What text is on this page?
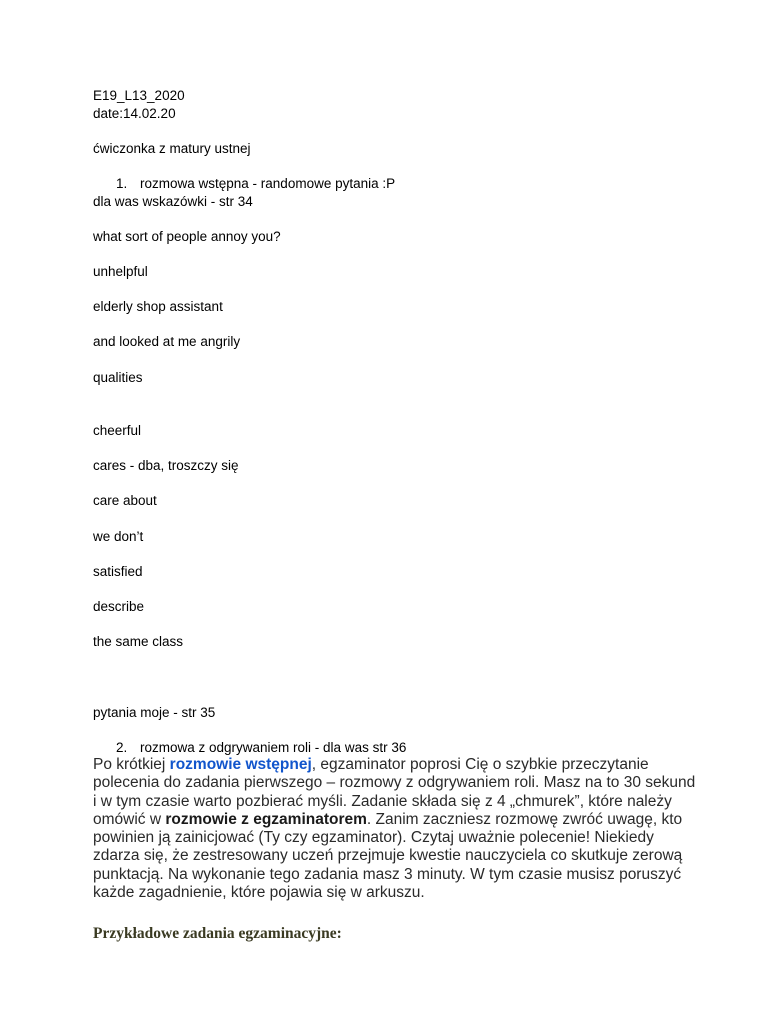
E19_L13_2020
date:14.02.20
ćwiczonka z matury ustnej
1. rozmowa wstępna - randomowe pytania :P
dla was wskazówki - str 34
what sort of people annoy you?
unhelpful
elderly shop assistant
and looked at me angrily
qualities
cheerful
cares - dba, troszczy się
care about
we don’t
satisfied
describe
the same class
pytania moje - str 35
2. rozmowa z odgrywaniem roli - dla was str 36
Po krótkiej rozmowie wstępnej, egzaminator poprosi Cię o szybkie przeczytanie
polecenia do zadania pierwszego – rozmowy z odgrywaniem roli. Masz na to 30 sekund
i w tym czasie warto pozbierać myśli. Zadanie składa się z 4 „chmurek”, które należy
omówić w rozmowie z egzaminatorem. Zanim zaczniesz rozmowę zwróć uwagę, kto
powinien ją zainicjować (Ty czy egzaminator). Czytaj uważnie polecenie! Niekiedy
zdarza się, że zestresowany uczeń przejmuje kwestie nauczyciela co skutkuje zerową
punktacją. Na wykonanie tego zadania masz 3 minuty. W tym czasie musisz poruszyć
każde zagadnienie, które pojawia się w arkuszu.
Przykładowe zadania egzaminacyjne:
